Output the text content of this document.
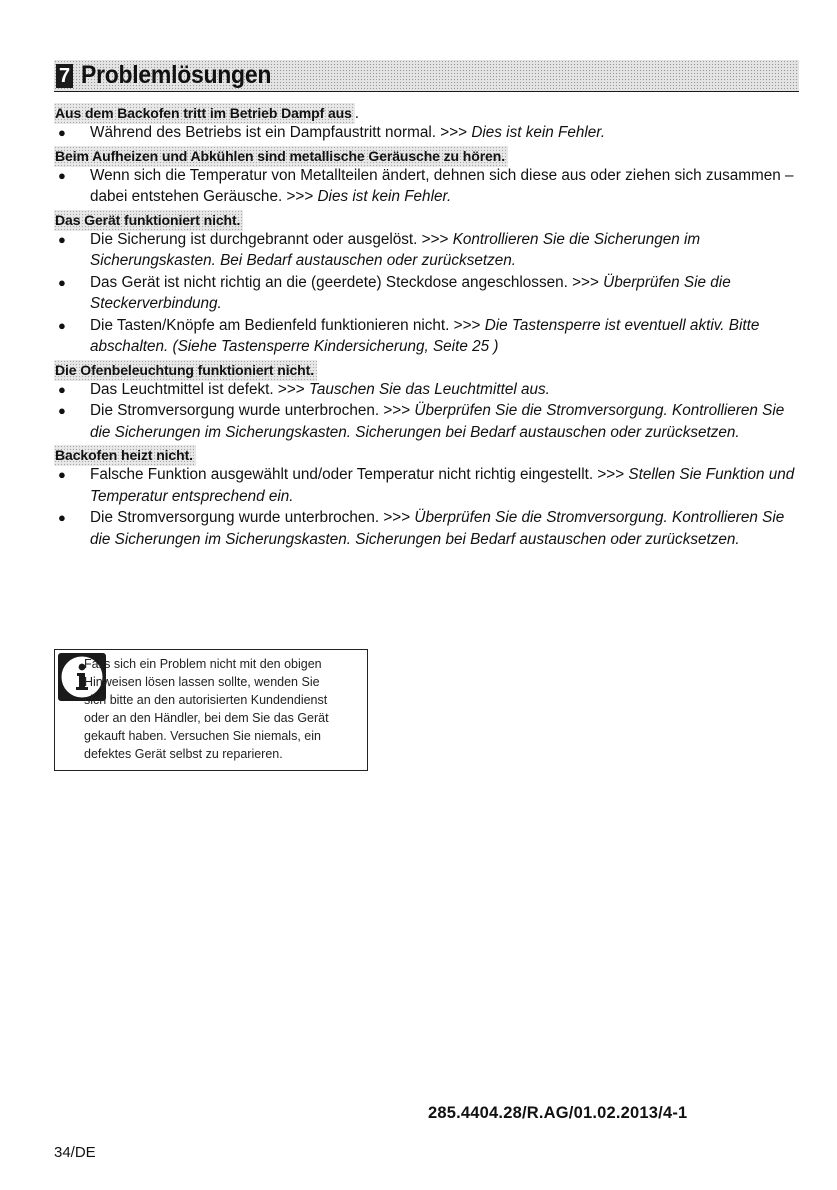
7 Problemlösungen
Aus dem Backofen tritt im Betrieb Dampf aus .
● Während des Betriebs ist ein Dampfaustritt normal. >>> Dies ist kein Fehler.
Beim Aufheizen und Abkühlen sind metallische Geräusche zu hören.
● Wenn sich die Temperatur von Metallteilen ändert, dehnen sich diese aus oder ziehen sich zusammen – dabei entstehen Geräusche. >>> Dies ist kein Fehler.
Das Gerät funktioniert nicht.
● Die Sicherung ist durchgebrannt oder ausgelöst. >>> Kontrollieren Sie die Sicherungen im Sicherungskasten. Bei Bedarf austauschen oder zurücksetzen.
● Das Gerät ist nicht richtig an die (geerdete) Steckdose angeschlossen. >>> Überprüfen Sie die Steckerverbindung.
● Die Tasten/Knöpfe am Bedienfeld funktionieren nicht. >>> Die Tastensperre ist eventuell aktiv. Bitte abschalten. (Siehe Tastensperre Kindersicherung, Seite 25 )
Die Ofenbeleuchtung funktioniert nicht.
● Das Leuchtmittel ist defekt. >>> Tauschen Sie das Leuchtmittel aus.
● Die Stromversorgung wurde unterbrochen. >>> Überprüfen Sie die Stromversorgung. Kontrollieren Sie die Sicherungen im Sicherungskasten. Sicherungen bei Bedarf austauschen oder zurücksetzen.
Backofen heizt nicht.
● Falsche Funktion ausgewählt und/oder Temperatur nicht richtig eingestellt. >>> Stellen Sie Funktion und Temperatur entsprechend ein.
● Die Stromversorgung wurde unterbrochen. >>> Überprüfen Sie die Stromversorgung. Kontrollieren Sie die Sicherungen im Sicherungskasten. Sicherungen bei Bedarf austauschen oder zurücksetzen.
Falls sich ein Problem nicht mit den obigen
Hinweisen lösen lassen sollte, wenden Sie
sich bitte an den autorisierten Kundendienst
oder an den Händler, bei dem Sie das Gerät
gekauft haben. Versuchen Sie niemals, ein
defektes Gerät selbst zu reparieren.
285.4404.28/R.AG/01.02.2013/4-1
34/DE
